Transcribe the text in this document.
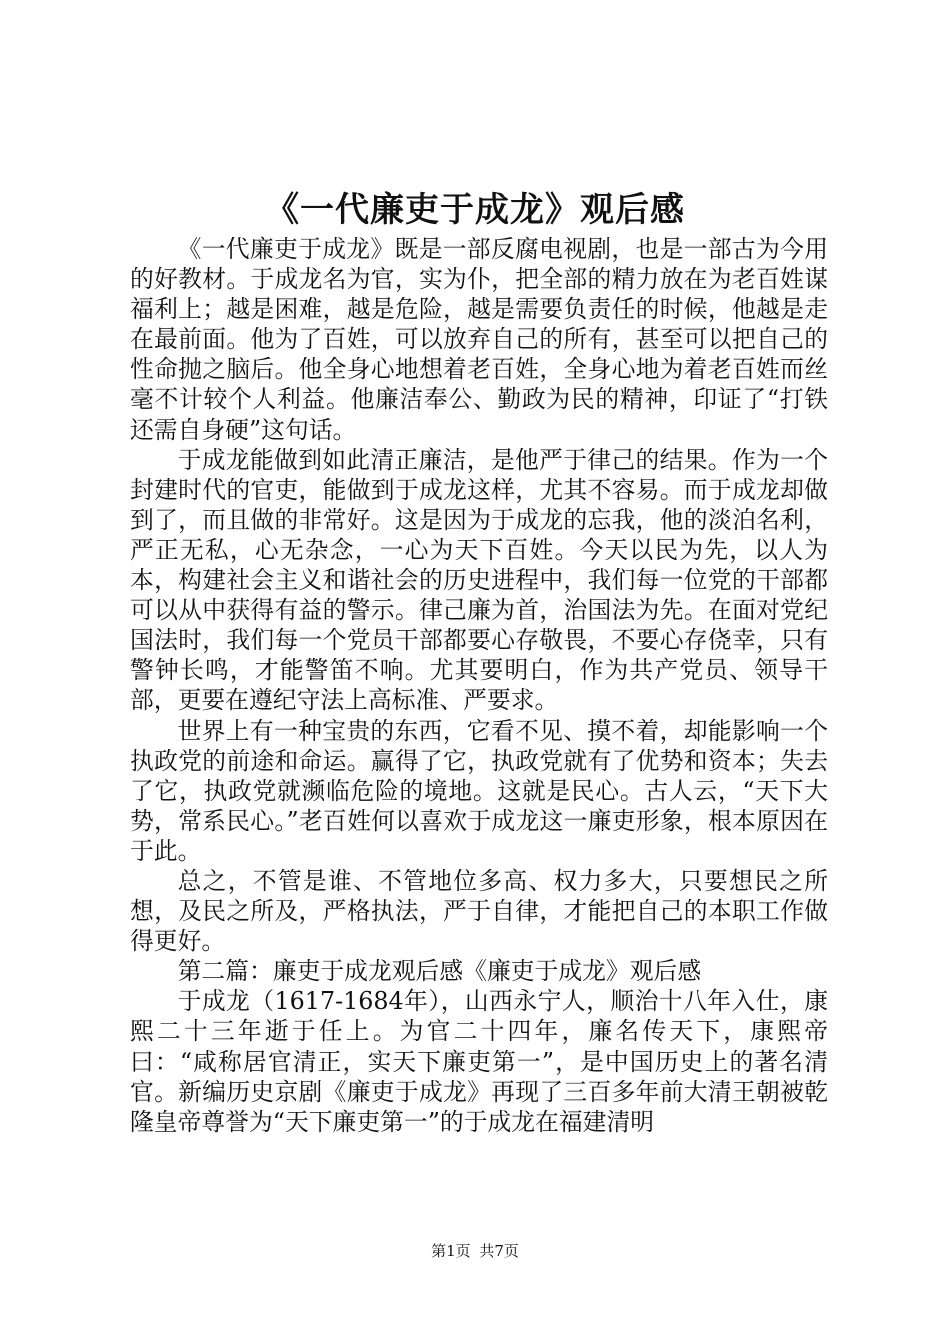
《一代廉吏于成龙》观后感

《一代廉吏于成龙》既是一部反腐电视剧，也是一部古为今用的好教材。于成龙名为官，实为仆，把全部的精力放在为老百姓谋福利上；越是困难，越是危险，越是需要负责任的时候，他越是走在最前面。他为了百姓，可以放弃自己的所有，甚至可以把自己的性命抛之脑后。他全身心地想着老百姓，全身心地为着老百姓而丝毫不计较个人利益。他廉洁奉公、勤政为民的精神，印证了“打铁还需自身硬”这句话。

于成龙能做到如此清正廉洁，是他严于律己的结果。作为一个封建时代的官吏，能做到于成龙这样，尤其不容易。而于成龙却做到了，而且做的非常好。这是因为于成龙的忘我，他的淡泊名利，严正无私，心无杂念，一心为天下百姓。今天以民为先，以人为本，构建社会主义和谐社会的历史进程中，我们每一位党的干部都可以从中获得有益的警示。律己廉为首，治国法为先。在面对党纪国法时，我们每一个党员干部都要心存敬畏，不要心存侥幸，只有警钟长鸣，才能警笛不响。尤其要明白，作为共产党员、领导干部，更要在遵纪守法上高标准、严要求。

世界上有一种宝贵的东西，它看不见、摸不着，却能影响一个执政党的前途和命运。赢得了它，执政党就有了优势和资本；失去了它，执政党就濒临危险的境地。这就是民心。古人云，“天下大势，常系民心。”老百姓何以喜欢于成龙这一廉吏形象，根本原因在于此。

总之，不管是谁、不管地位多高、权力多大，只要想民之所想，及民之所及，严格执法，严于自律，才能把自己的本职工作做得更好。

第二篇：廉吏于成龙观后感《廉吏于成龙》观后感

于成龙（1617-1684年），山西永宁人，顺治十八年入仕，康熙二十三年逝于任上。为官二十四年，廉名传天下，康熙帝曰：“咸称居官清正，实天下廉吏第一”，是中国历史上的著名清官。新编历史京剧《廉吏于成龙》再现了三百多年前大清王朝被乾隆皇帝尊誉为“天下廉吏第一”的于成龙在福建清明

第1页 共7页
